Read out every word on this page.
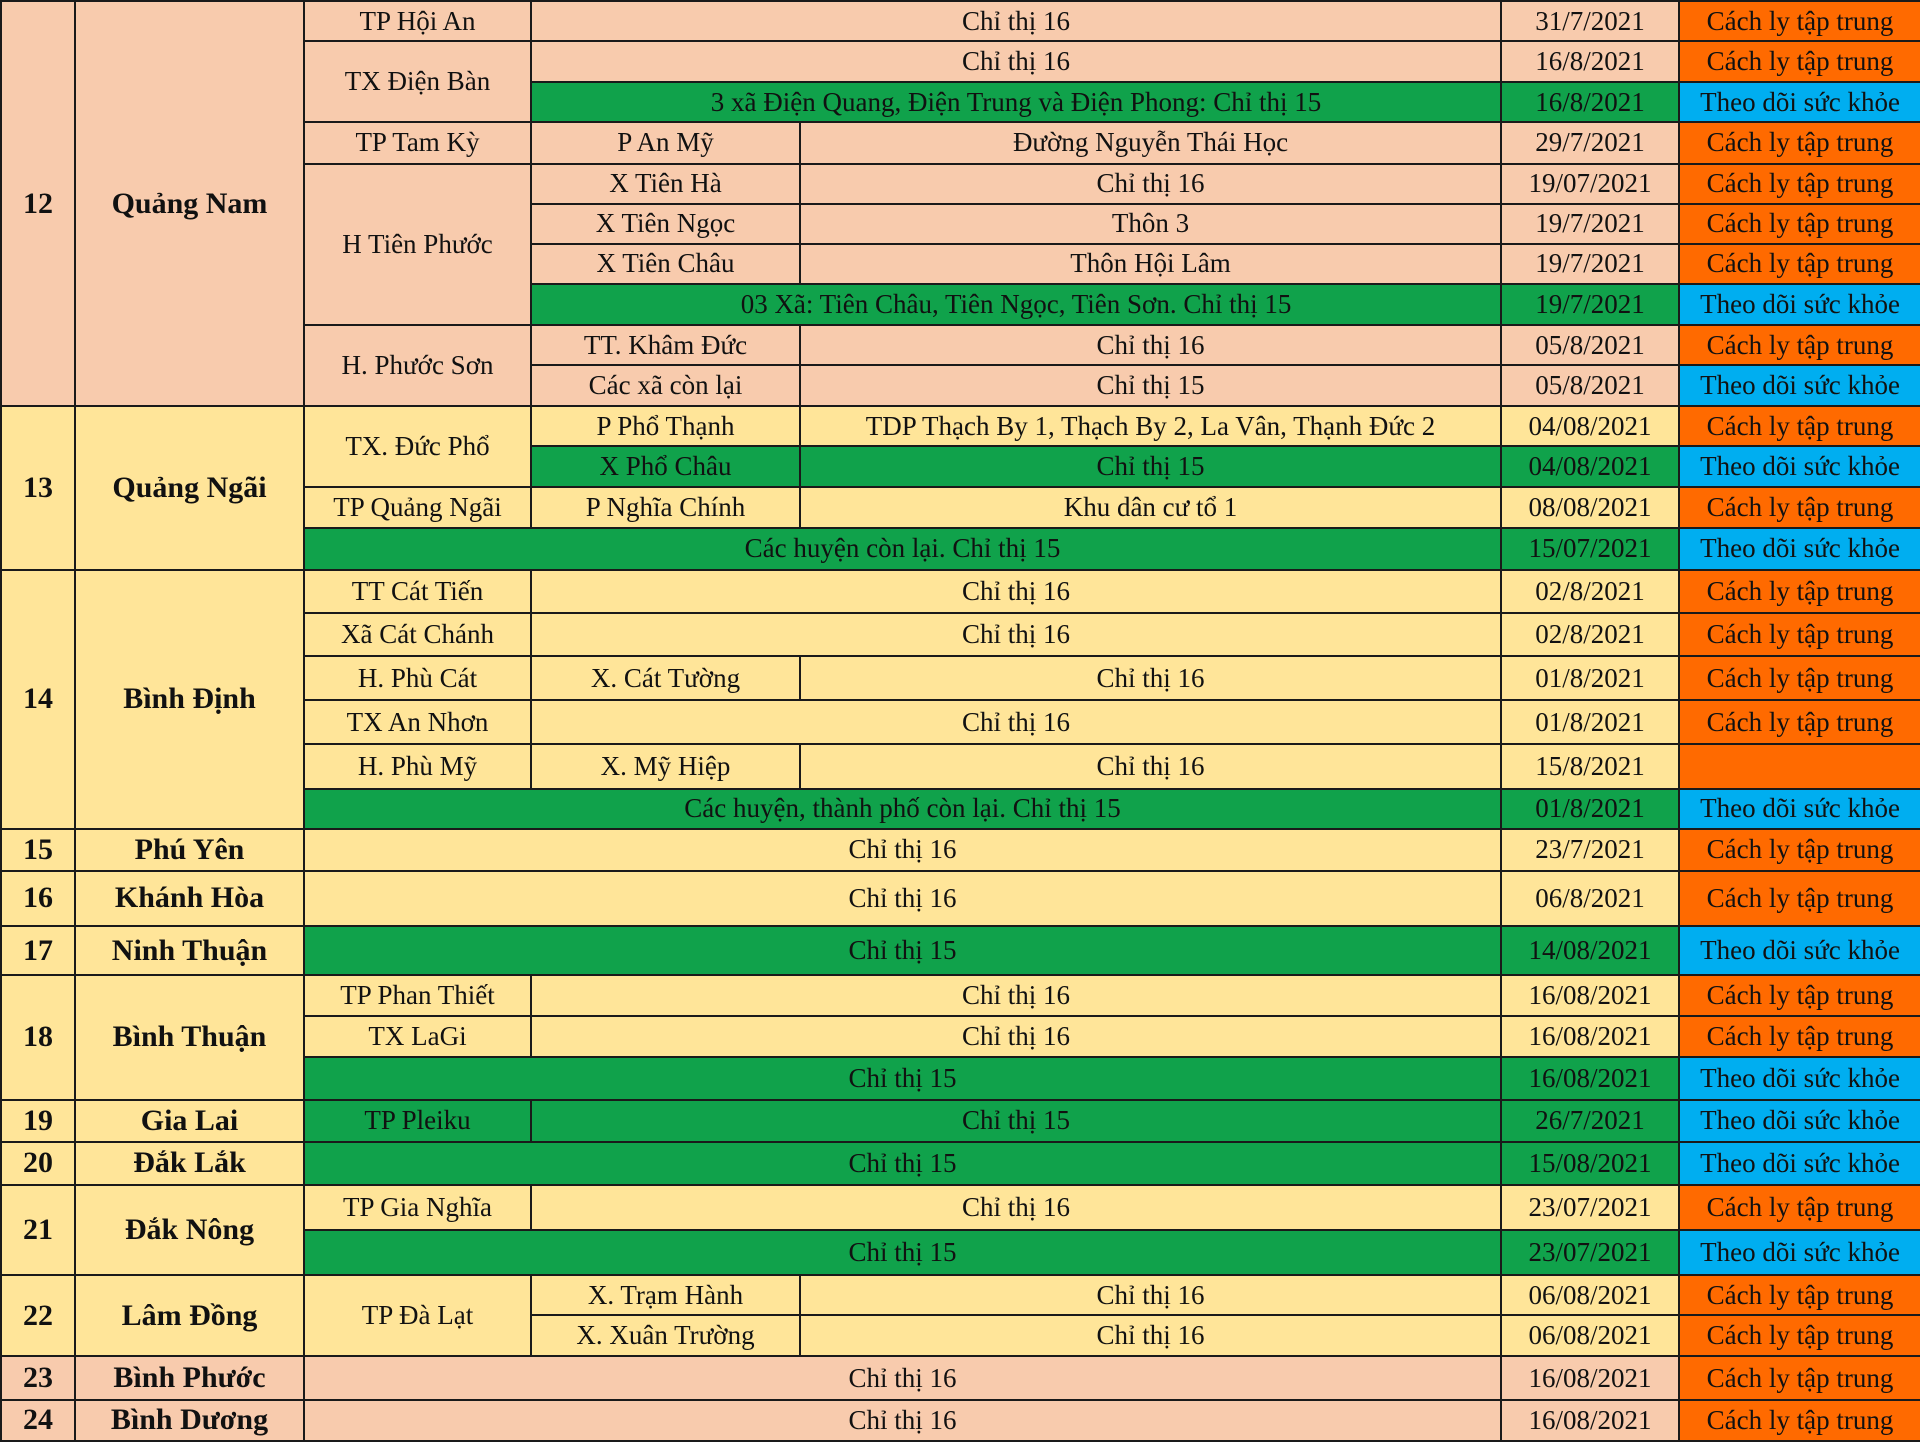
12	Quảng Nam	TP Hội An	Chỉ thị 16		31/7/2021	Cách ly tập trung
		TX Điện Bàn	Chỉ thị 16		16/8/2021	Cách ly tập trung
			3 xã Điện Quang, Điện Trung và Điện Phong: Chỉ thị 15		16/8/2021	Theo dõi sức khỏe
		TP Tam Kỳ	P An Mỹ	Đường Nguyễn Thái Học	29/7/2021	Cách ly tập trung
		H Tiên Phước	X Tiên Hà	Chỉ thị 16	19/07/2021	Cách ly tập trung
			X Tiên Ngọc	Thôn 3	19/7/2021	Cách ly tập trung
			X Tiên Châu	Thôn Hội Lâm	19/7/2021	Cách ly tập trung
			03 Xã: Tiên Châu, Tiên Ngọc, Tiên Sơn. Chỉ thị 15		19/7/2021	Theo dõi sức khỏe
		H. Phước Sơn	TT. Khâm Đức	Chỉ thị 16	05/8/2021	Cách ly tập trung
			Các xã còn lại	Chỉ thị 15	05/8/2021	Theo dõi sức khỏe
13	Quảng Ngãi	TX. Đức Phổ	P Phổ Thạnh	TDP Thạch By 1, Thạch By 2, La Vân, Thạnh Đức 2	04/08/2021	Cách ly tập trung
			X Phổ Châu	Chỉ thị 15	04/08/2021	Theo dõi sức khỏe
		TP Quảng Ngãi	P Nghĩa Chính	Khu dân cư tổ 1	08/08/2021	Cách ly tập trung
		Các huyện còn lại. Chỉ thị 15			15/07/2021	Theo dõi sức khỏe
14	Bình Định	TT Cát Tiến	Chỉ thị 16		02/8/2021	Cách ly tập trung
		Xã Cát Chánh	Chỉ thị 16		02/8/2021	Cách ly tập trung
		H. Phù Cát	X. Cát Tường	Chỉ thị 16	01/8/2021	Cách ly tập trung
		TX An Nhơn	Chỉ thị 16		01/8/2021	Cách ly tập trung
		H. Phù Mỹ	X. Mỹ Hiệp	Chỉ thị 16	15/8/2021	
		Các huyện, thành phố còn lại. Chỉ thị 15			01/8/2021	Theo dõi sức khỏe
15	Phú Yên	Chỉ thị 16			23/7/2021	Cách ly tập trung
16	Khánh Hòa	Chỉ thị 16			06/8/2021	Cách ly tập trung
17	Ninh Thuận	Chỉ thị 15			14/08/2021	Theo dõi sức khỏe
18	Bình Thuận	TP Phan Thiết	Chỉ thị 16		16/08/2021	Cách ly tập trung
		TX LaGi	Chỉ thị 16		16/08/2021	Cách ly tập trung
		Chỉ thị 15			16/08/2021	Theo dõi sức khỏe
19	Gia Lai	TP Pleiku	Chỉ thị 15		26/7/2021	Theo dõi sức khỏe
20	Đắk Lắk	Chỉ thị 15			15/08/2021	Theo dõi sức khỏe
21	Đắk Nông	TP Gia Nghĩa	Chỉ thị 16		23/07/2021	Cách ly tập trung
		Chỉ thị 15			23/07/2021	Theo dõi sức khỏe
22	Lâm Đồng	TP Đà Lạt	X. Trạm Hành	Chỉ thị 16	06/08/2021	Cách ly tập trung
			X. Xuân Trường	Chỉ thị 16	06/08/2021	Cách ly tập trung
23	Bình Phước	Chỉ thị 16			16/08/2021	Cách ly tập trung
24	Bình Dương	Chỉ thị 16			16/08/2021	Cách ly tập trung
